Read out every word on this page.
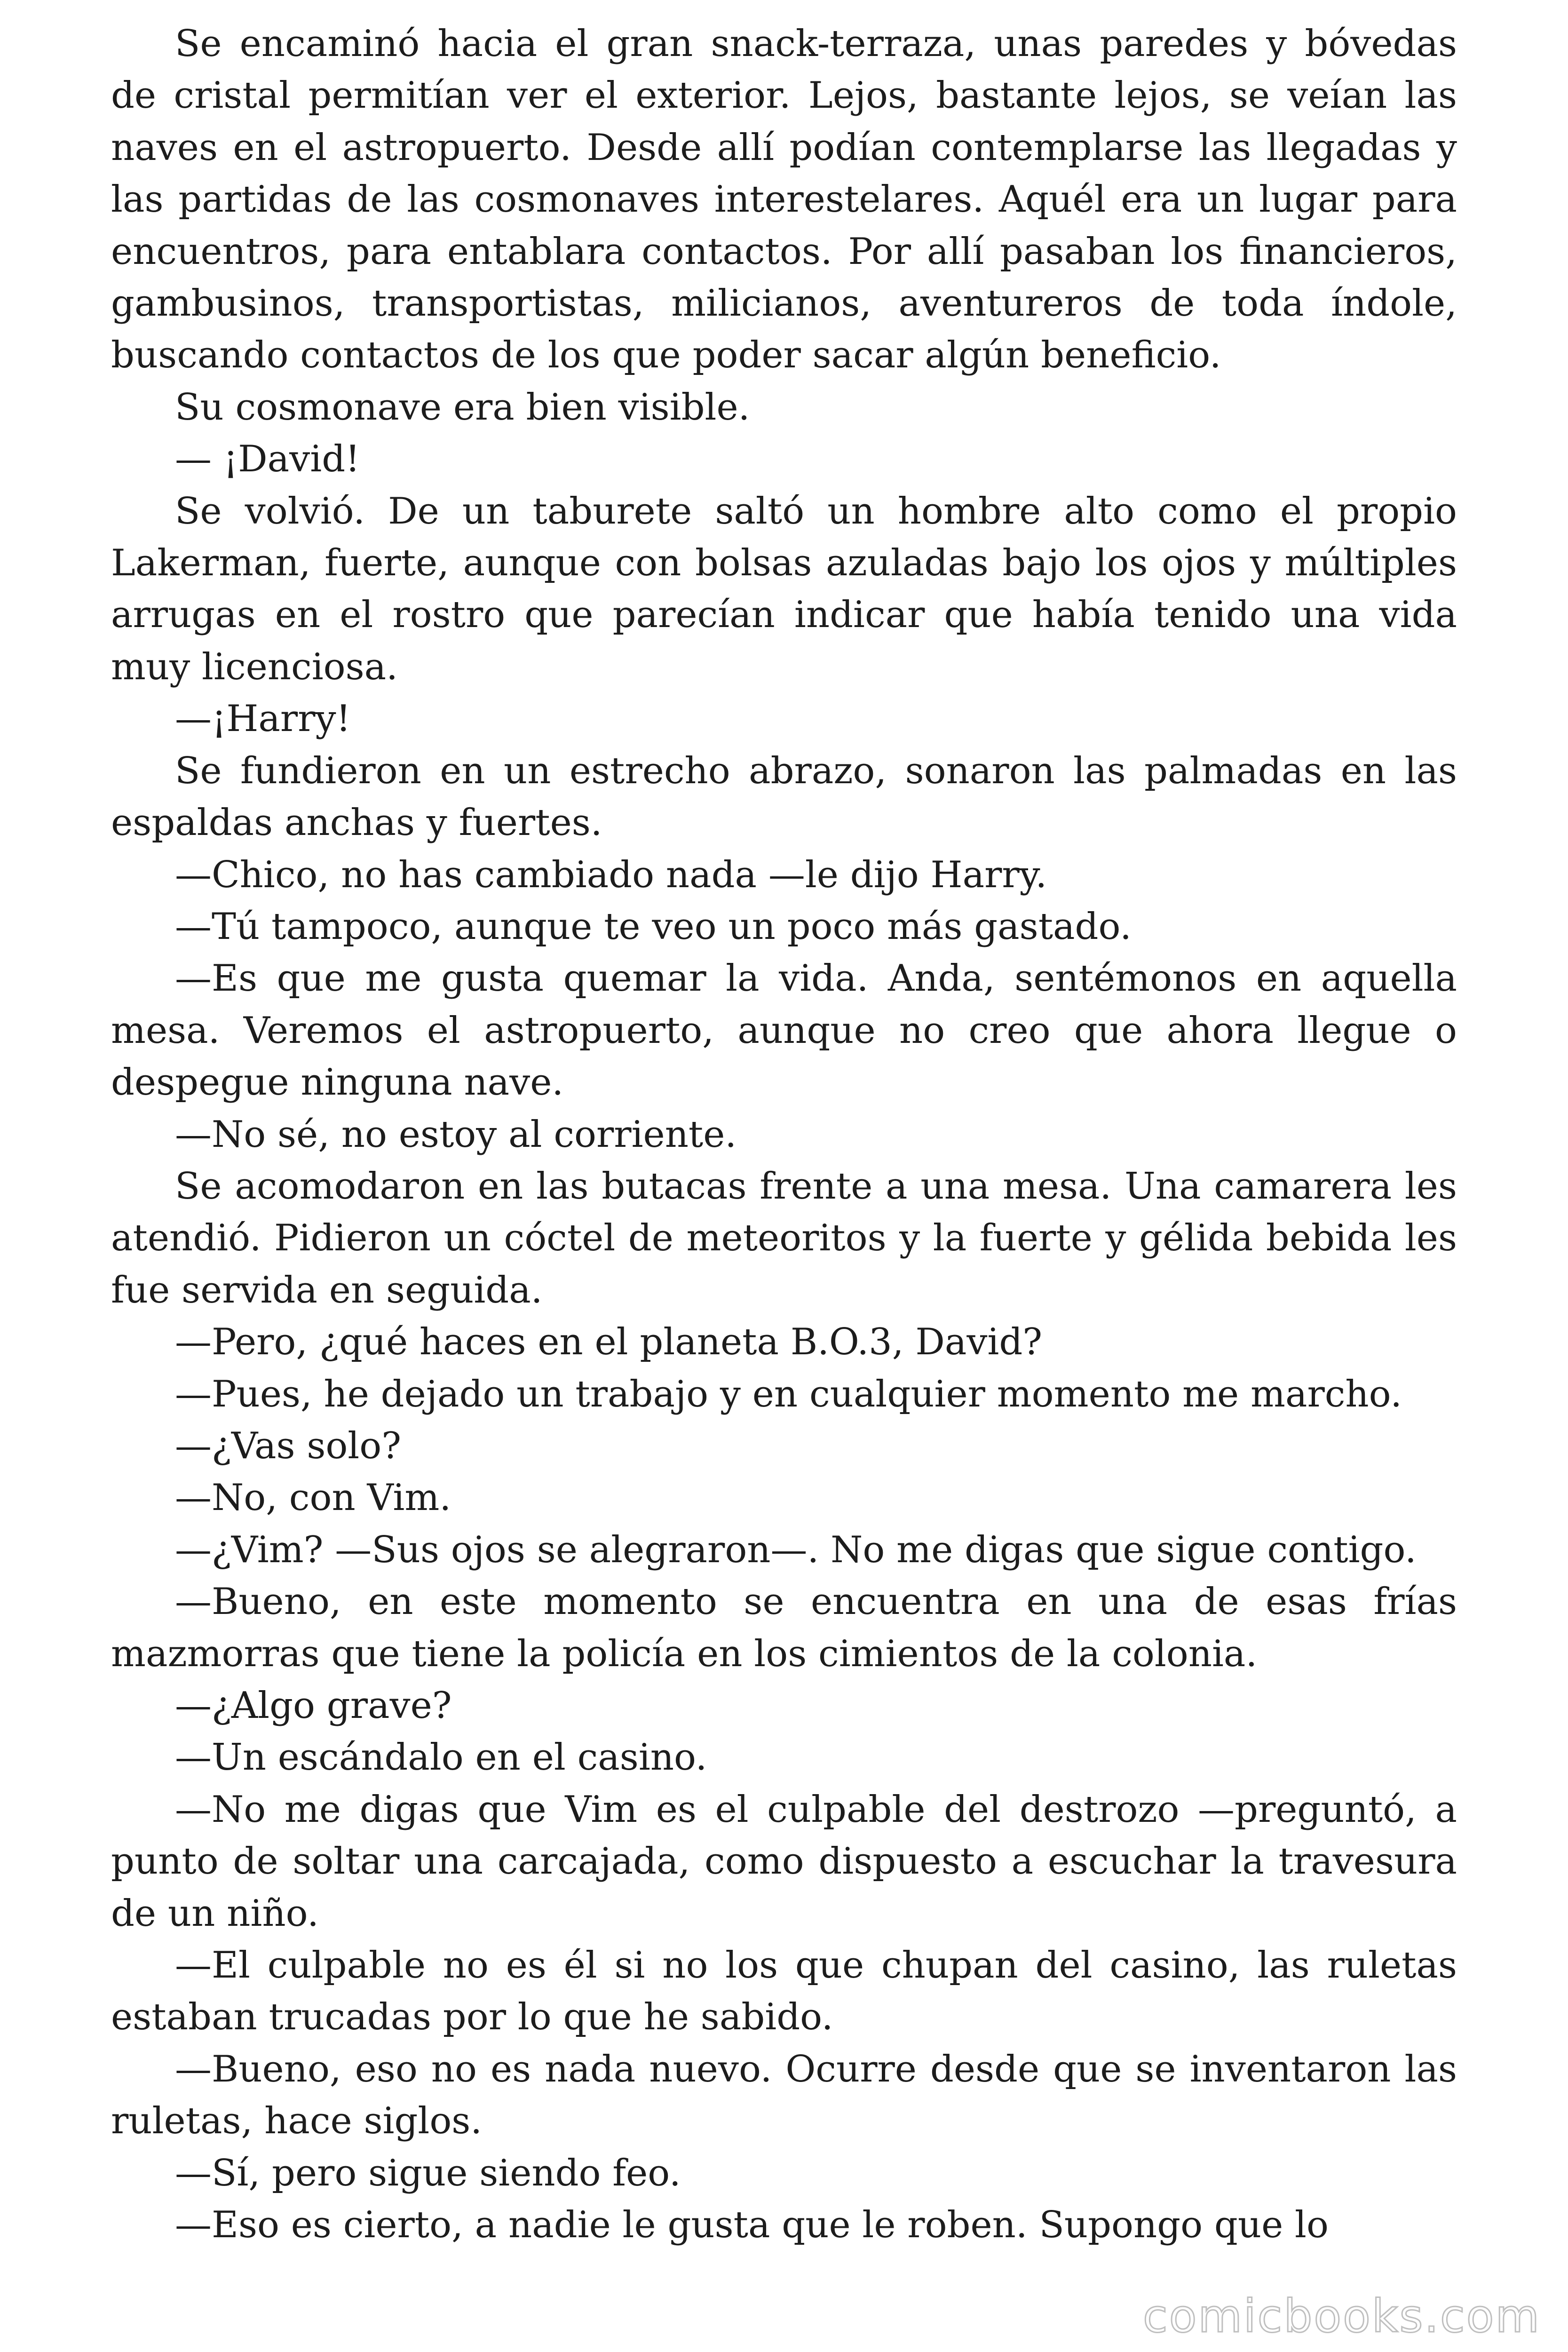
Se encaminó hacia el gran snack-terraza, unas paredes y bóvedas de cristal permitían ver el exterior. Lejos, bastante lejos, se veían las naves en el astropuerto. Desde allí podían contemplarse las llegadas y las partidas de las cosmonaves interestelares. Aquél era un lugar para encuentros, para entablara contactos. Por allí pasaban los financieros, gambusinos, transportistas, milicianos, aventureros de toda índole, buscando contactos de los que poder sacar algún beneficio.

Su cosmonave era bien visible.

— ¡David!

Se volvió. De un taburete saltó un hombre alto como el propio Lakerman, fuerte, aunque con bolsas azuladas bajo los ojos y múltiples arrugas en el rostro que parecían indicar que había tenido una vida muy licenciosa.

—¡Harry!

Se fundieron en un estrecho abrazo, sonaron las palmadas en las espaldas anchas y fuertes.

—Chico, no has cambiado nada —le dijo Harry.

—Tú tampoco, aunque te veo un poco más gastado.

—Es que me gusta quemar la vida. Anda, sentémonos en aquella mesa. Veremos el astropuerto, aunque no creo que ahora llegue o despegue ninguna nave.

—No sé, no estoy al corriente.

Se acomodaron en las butacas frente a una mesa. Una camarera les atendió. Pidieron un cóctel de meteoritos y la fuerte y gélida bebida les fue servida en seguida.

—Pero, ¿qué haces en el planeta B.O.3, David?

—Pues, he dejado un trabajo y en cualquier momento me marcho.

—¿Vas solo?

—No, con Vim.

—¿Vim? —Sus ojos se alegraron—. No me digas que sigue contigo.

—Bueno, en este momento se encuentra en una de esas frías mazmorras que tiene la policía en los cimientos de la colonia.

—¿Algo grave?

—Un escándalo en el casino.

—No me digas que Vim es el culpable del destrozo —preguntó, a punto de soltar una carcajada, como dispuesto a escuchar la travesura de un niño.

—El culpable no es él si no los que chupan del casino, las ruletas estaban trucadas por lo que he sabido.

—Bueno, eso no es nada nuevo. Ocurre desde que se inventaron las ruletas, hace siglos.

—Sí, pero sigue siendo feo.

—Eso es cierto, a nadie le gusta que le roben. Supongo que lo

comicbooks.com
